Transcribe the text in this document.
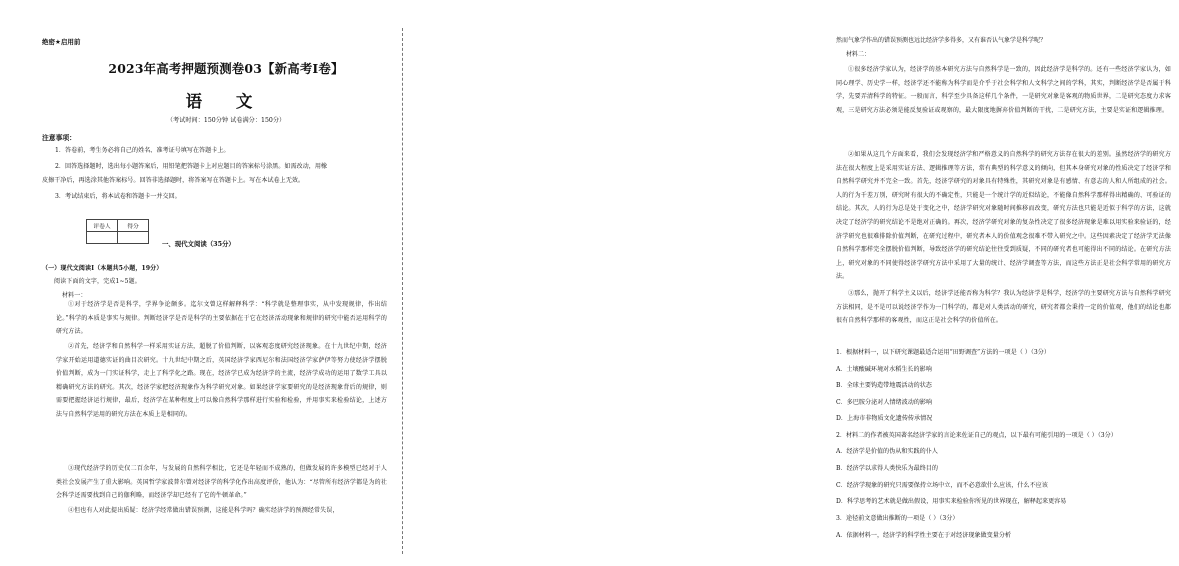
绝密★启用前
2023年高考押题预测卷03【新高考I卷】
语 文
（考试时间：150分钟 试卷满分：150分）
注意事项：
1．答卷前，考生务必将自己的姓名、准考证号填写在答题卡上。
2．回答选择题时，选出每小题答案后，用铅笔把答题卡上对应题目的答案标号涂黑。如需改动，用橡
皮擦干净后，再选涂其他答案标号。回答非选择题时，将答案写在答题卡上。写在本试卷上无效。
3．考试结束后，将本试卷和答题卡一并交回。
评卷人	得分

一、现代文阅读（35分）
（一）现代文阅读Ⅰ（本题共5小题，19分）
阅读下面的文字，完成1~5题。
材料一：
①对于经济学是否是科学，学界争论颇多。迄尔文曾这样解释科学：“科学就是整理事实，从中发现规律，作出结论。”科学的本质是事实与规律。判断经济学是否是科学的主要依据在于它在经济活动现象和规律的研究中能否运用科学的研究方法。
②首先，经济学和自然科学一样采用实证方法，超脱了价值判断，以客观态度研究经济现象。在十九世纪中期，经济学家开始运用道德实证的曲目次研究。十九世纪中期之后，英国经济学家西尼尔和法国经济学家萨伊等努力使经济学摆脱价值判断，成为一门实证科学，走上了科学化之路。现在，经济学已成为经济学的主流，经济学成功的运用了数学工具以精确研究方法的研究。其次，经济学家把经济现象作为科学研究对象。如果经济学家要研究的是经济现象背后的规律，则需要把握经济运行规律，最后，经济学在某种程度上可以像自然科学那样进行实验和检验，并用事实来检验结论，上述方法与自然科学运用的研究方法在本质上是相同的。
③现代经济学的历史仅二百余年，与发展的自然科学相比，它还是年轻而不成熟的，但做发展的许多模型已经对于人类社会发展产生了重大影响。英国哲学家波普尔曾对经济学的科学化作出高度评价，他认为：“尽管所有经济学都是为的社会科学还需要找到自己的伽利略，而经济学却已经有了它的牛顿革命。”
④但也有人对此提出质疑：经济学经常做出错误预测，这能是科学吗？确实经济学的预测经常失误，
然而气象学作出的错误预测也远比经济学多得多，又有谁否认气象学是科学呢？
材料二：
①很多经济学家认为，经济学的基本研究方法与自然科学是一致的，因此经济学是科学的。还有一些经济学家认为，如同心理学、历史学一样，经济学还不能称为科学而是介乎于社会科学和人文科学之间的学科，其实，判断经济学是否属于科学，先要弄清科学的特征。一般而言，科学至少具备这样几个条件，一是研究对象是客观的物质世界，二是研究态度力求客观，三是研究方法必须是能反复验证或观察的，最大限度地摒弃价值判断的干扰，二是研究方法，主要是实证和逻辑推理。
②如果从这几个方面来看，我们会发现经济学和严格意义的自然科学的研究方法存在很大的差别。虽然经济学的研究方法在很大程度上是采用实证方法、逻辑推理等方法，常有典型的科学意义的倾向，但其本身研究对象的性质决定了经济学和自然科学研究并不完全一致。首先，经济学研究的对象具有特殊性，其研究对象是有感情、有意志的人和人所组成的社会。人的行为千差万别，研究时有很大的不确定性，只能是一个统计学的近似结论，不能像自然科学那样得出精确的、可验证的结论。其次，人的行为总是处于变化之中，经济学研究对象随时间推移而改变，研究方法也只能是近似于科学的方法，这就决定了经济学的研究结论不是绝对正确的。再次，经济学研究对象的复杂性决定了很多经济现象是难以用实验来验证的，经济学研究也很难排除价值判断，在研究过程中，研究者本人的价值观念很难不带入研究之中。这些因素决定了经济学无法像自然科学那样完全摆脱价值判断，导致经济学的研究结论往往受到质疑，不同的研究者也可能得出不同的结论。在研究方法上，研究对象的不同使得经济学研究方法中采用了大量的统计、经济学调查等方法，而这些方法正是社会科学常用的研究方法。
③那么，抛开了科学主义以后，经济学还能否称为科学？我认为经济学是科学，经济学的主要研究方法与自然科学研究方法相同，是不是可以说经济学作为一门科学的，都是对人类活动的研究，研究者都会秉持一定的价值观，他们的结论也都很有自然科学那样的客观性，而这正是社会科学的价值所在。
1．根据材料一，以下研究课题最适合运用“田野调查”方法的一项是（ ）（3分）
A．土壤酸碱环境对水稻生长的影响
B．全球主要钩造带地震活动的状态
C．多巴胺分泌对人情绪波动的影响
D．上海市非物质文化遗传传承情况
2．材料二的作者被英国著名经济学家的言论来佐证自己的观点，以下最有可能引用的一项是（ ）（3分）
A．经济学是价值的伪从和实践的仆人
B．经济学以求得人类快乐为最终目的
C．经济学现象的研究只需要保持立场中立，而不必意欲什么应该，什么不应该
D．科学思考的艺术就是做出假设，用事实来检验你所见的世界现在，解释起来更容易
3．途径前文意做出推断的一项是（ ）（3分）
A．依据材料一，经济学的科学性主要在于对经济现象做变量分析
